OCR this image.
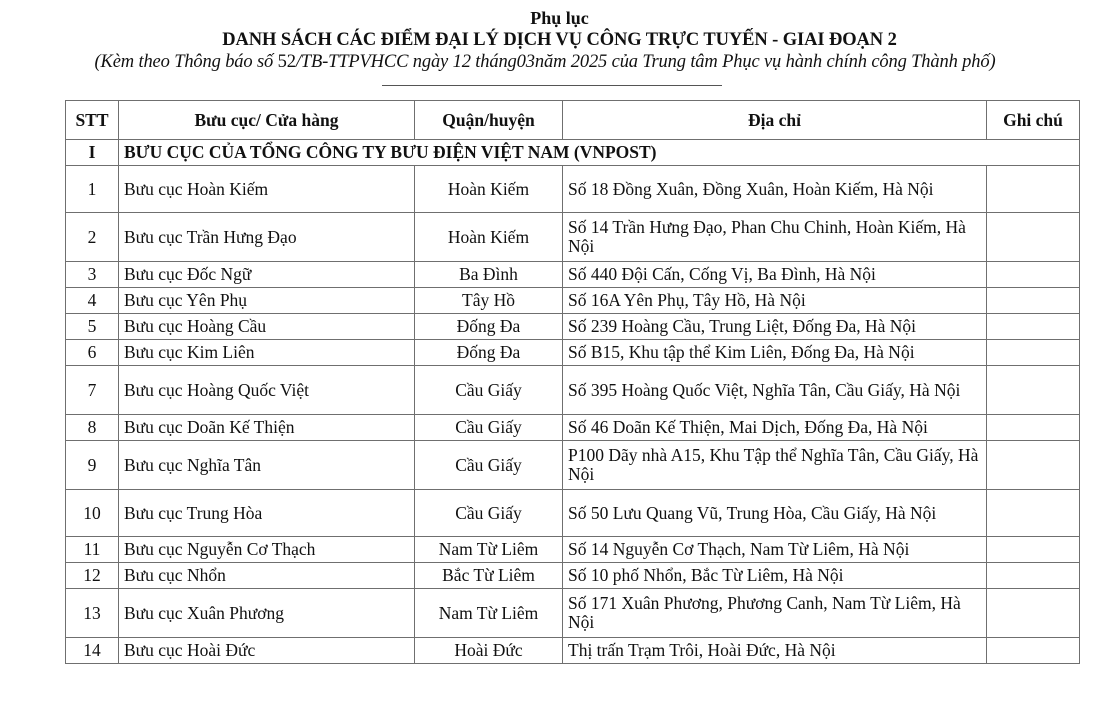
Phụ lục
DANH SÁCH CÁC ĐIỂM ĐẠI LÝ DỊCH VỤ CÔNG TRỰC TUYẾN - GIAI ĐOẠN 2
(Kèm theo Thông báo số 52/TB-TTPVHCC ngày 12 tháng03năm 2025 của Trung tâm Phục vụ hành chính công Thành phố)
STT	Bưu cục/ Cửa hàng	Quận/huyện	Địa chỉ	Ghi chú
I	BƯU CỤC CỦA TỔNG CÔNG TY BƯU ĐIỆN VIỆT NAM (VNPOST)			
1	Bưu cục Hoàn Kiếm	Hoàn Kiếm	Số 18 Đồng Xuân, Đồng Xuân, Hoàn Kiếm, Hà Nội	
2	Bưu cục Trần Hưng Đạo	Hoàn Kiếm	Số 14 Trần Hưng Đạo, Phan Chu Chinh, Hoàn Kiếm, Hà Nội	
3	Bưu cục Đốc Ngữ	Ba Đình	Số 440 Đội Cấn, Cống Vị, Ba Đình, Hà Nội	
4	Bưu cục Yên Phụ	Tây Hồ	Số 16A Yên Phụ, Tây Hồ, Hà Nội	
5	Bưu cục Hoàng Cầu	Đống Đa	Số 239 Hoàng Cầu, Trung Liệt, Đống Đa, Hà Nội	
6	Bưu cục Kim Liên	Đống Đa	Số B15, Khu tập thể Kim Liên, Đống Đa, Hà Nội	
7	Bưu cục Hoàng Quốc Việt	Cầu Giấy	Số 395 Hoàng Quốc Việt, Nghĩa Tân, Cầu Giấy, Hà Nội	
8	Bưu cục Doãn Kế Thiện	Cầu Giấy	Số 46 Doãn Kế Thiện, Mai Dịch, Đống Đa, Hà Nội	
9	Bưu cục Nghĩa Tân	Cầu Giấy	P100 Dãy nhà A15, Khu Tập thể Nghĩa Tân, Cầu Giấy, Hà Nội	
10	Bưu cục Trung Hòa	Cầu Giấy	Số 50 Lưu Quang Vũ, Trung Hòa, Cầu Giấy, Hà Nội	
11	Bưu cục Nguyễn Cơ Thạch	Nam Từ Liêm	Số 14 Nguyễn Cơ Thạch, Nam Từ Liêm, Hà Nội	
12	Bưu cục Nhổn	Bắc Từ Liêm	Số 10 phố Nhổn, Bắc Từ Liêm, Hà Nội	
13	Bưu cục Xuân Phương	Nam Từ Liêm	Số 171 Xuân Phương, Phương Canh, Nam Từ Liêm, Hà Nội	
14	Bưu cục Hoài Đức	Hoài Đức	Thị trấn Trạm Trôi, Hoài Đức, Hà Nội	
